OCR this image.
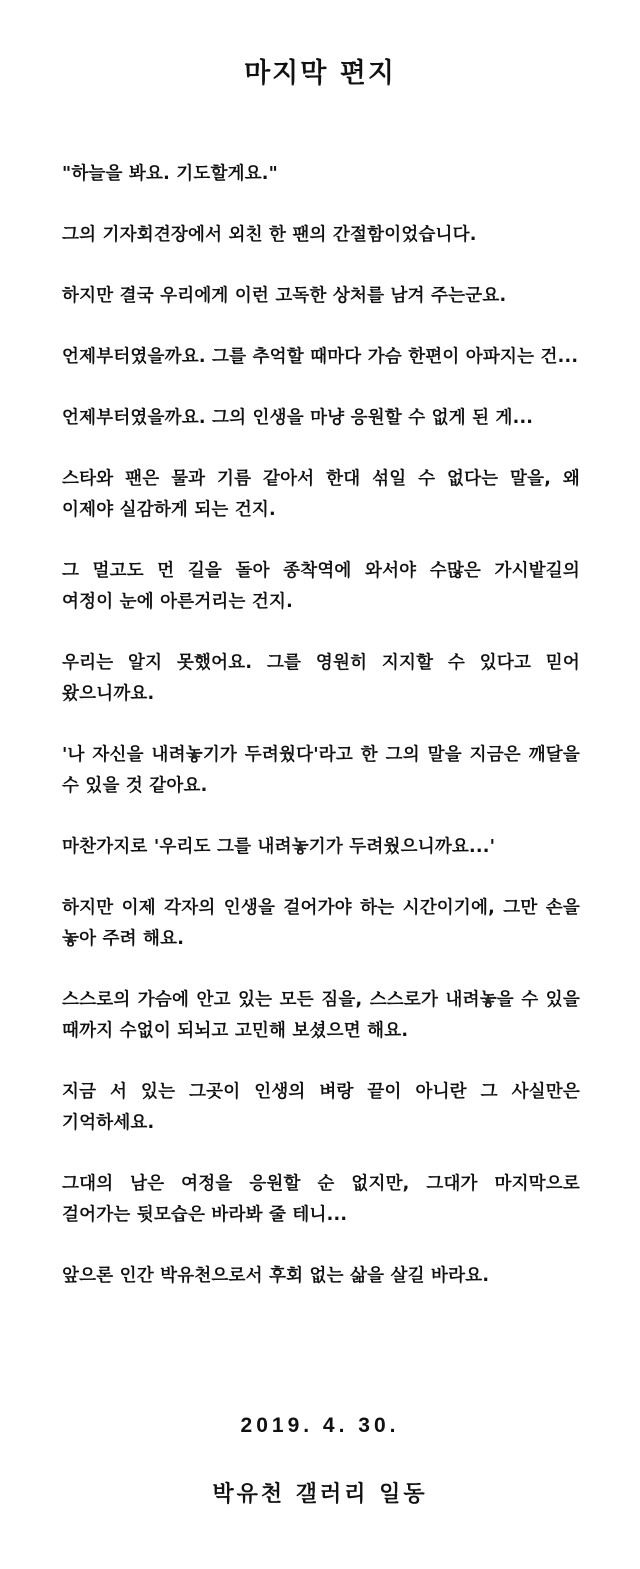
마지막 편지

"하늘을 봐요. 기도할게요."

그의 기자회견장에서 외친 한 팬의 간절함이었습니다.

하지만 결국 우리에게 이런 고독한 상처를 남겨 주는군요.

언제부터였을까요. 그를 추억할 때마다 가슴 한편이 아파지는 건...

언제부터였을까요. 그의 인생을 마냥 응원할 수 없게 된 게...

스타와 팬은 물과 기름 같아서 한대 섞일 수 없다는 말을, 왜 이제야 실감하게 되는 건지.

그 멀고도 먼 길을 돌아 종착역에 와서야 수많은 가시밭길의 여정이 눈에 아른거리는 건지.

우리는 알지 못했어요. 그를 영원히 지지할 수 있다고 믿어 왔으니까요.

'나 자신을 내려놓기가 두려웠다'라고 한 그의 말을 지금은 깨달을 수 있을 것 같아요.

마찬가지로 '우리도 그를 내려놓기가 두려웠으니까요...'

하지만 이제 각자의 인생을 걸어가야 하는 시간이기에, 그만 손을 놓아 주려 해요.

스스로의 가슴에 안고 있는 모든 짐을, 스스로가 내려놓을 수 있을 때까지 수없이 되뇌고 고민해 보셨으면 해요.

지금 서 있는 그곳이 인생의 벼랑 끝이 아니란 그 사실만은 기억하세요.

그대의 남은 여정을 응원할 순 없지만, 그대가 마지막으로 걸어가는 뒷모습은 바라봐 줄 테니...

앞으론 인간 박유천으로서 후회 없는 삶을 살길 바라요.

2019. 4. 30.
박유천 갤러리 일동
